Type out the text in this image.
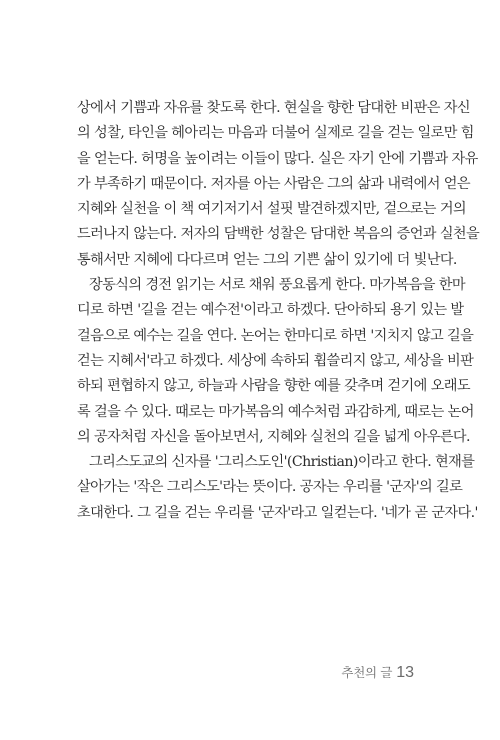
상에서 기쁨과 자유를 찾도록 한다. 현실을 향한 담대한 비판은 자신
의 성찰, 타인을 헤아리는 마음과 더불어 실제로 길을 걷는 일로만 힘
을 얻는다. 허명을 높이려는 이들이 많다. 실은 자기 안에 기쁨과 자유
가 부족하기 때문이다. 저자를 아는 사람은 그의 삶과 내력에서 얻은
지혜와 실천을 이 책 여기저기서 설핏 발견하겠지만, 겉으로는 거의
드러나지 않는다. 저자의 담백한 성찰은 담대한 복음의 증언과 실천을
통해서만 지혜에 다다르며 얻는 그의 기쁜 삶이 있기에 더 빛난다.
장동식의 경전 읽기는 서로 채워 풍요롭게 한다. 마가복음을 한마
디로 하면 '길을 걷는 예수전'이라고 하겠다. 단아하되 용기 있는 발
걸음으로 예수는 길을 연다. 논어는 한마디로 하면 '지치지 않고 길을
걷는 지혜서'라고 하겠다. 세상에 속하되 휩쓸리지 않고, 세상을 비판
하되 편협하지 않고, 하늘과 사람을 향한 예를 갖추며 걷기에 오래도
록 걸을 수 있다. 때로는 마가복음의 예수처럼 과감하게, 때로는 논어
의 공자처럼 자신을 돌아보면서, 지혜와 실천의 길을 넓게 아우른다.
그리스도교의 신자를 '그리스도인'(Christian)이라고 한다. 현재를
살아가는 '작은 그리스도'라는 뜻이다. 공자는 우리를 '군자'의 길로
초대한다. 그 길을 걷는 우리를 '군자'라고 일컫는다. '네가 곧 군자다.'
추천의 글 13
